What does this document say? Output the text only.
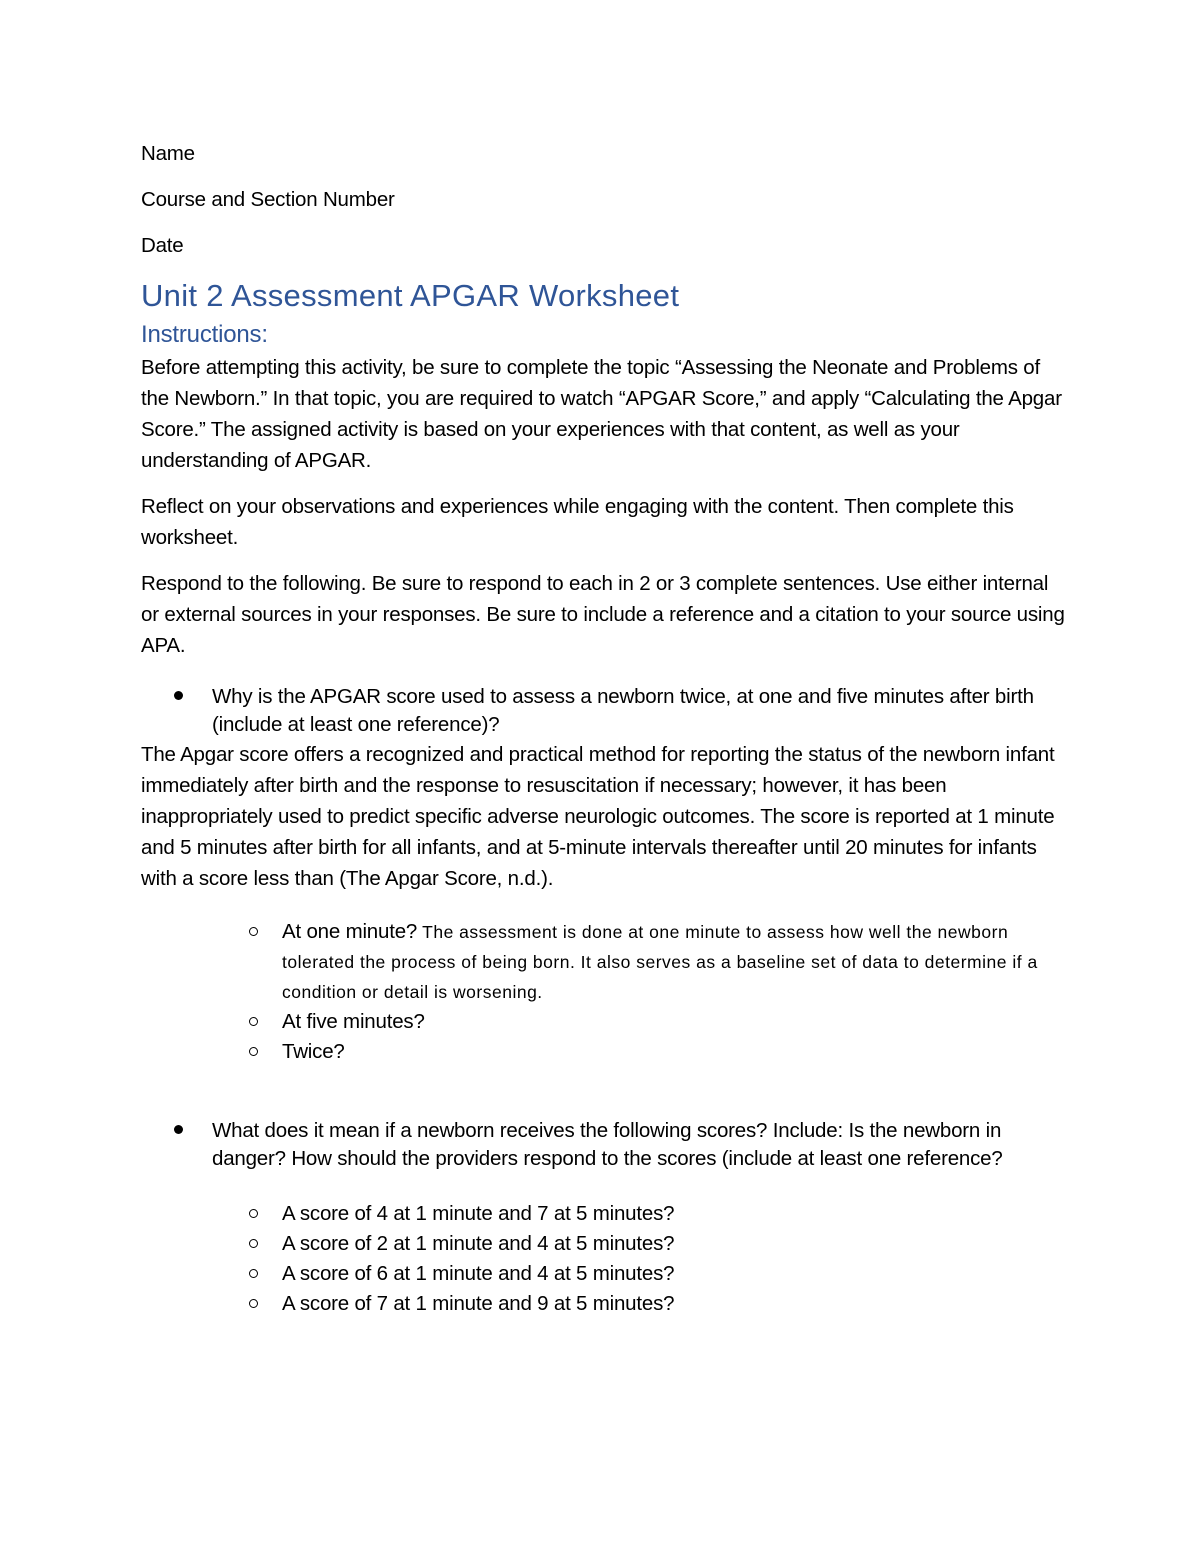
Name

Course and Section Number

Date

Unit 2 Assessment APGAR Worksheet
Instructions:

Before attempting this activity, be sure to complete the topic “Assessing the Neonate and Problems of the Newborn.” In that topic, you are required to watch “APGAR Score,” and apply “Calculating the Apgar Score.” The assigned activity is based on your experiences with that content, as well as your understanding of APGAR.

Reflect on your observations and experiences while engaging with the content. Then complete this worksheet.

Respond to the following. Be sure to respond to each in 2 or 3 complete sentences. Use either internal or external sources in your responses. Be sure to include a reference and a citation to your source using APA.

Why is the APGAR score used to assess a newborn twice, at one and five minutes after birth (include at least one reference)?

The Apgar score offers a recognized and practical method for reporting the status of the newborn infant immediately after birth and the response to resuscitation if necessary; however, it has been inappropriately used to predict specific adverse neurologic outcomes. The score is reported at 1 minute and 5 minutes after birth for all infants, and at 5-minute intervals thereafter until 20 minutes for infants with a score less than (The Apgar Score, n.d.).

At one minute? The assessment is done at one minute to assess how well the newborn tolerated the process of being born. It also serves as a baseline set of data to determine if a condition or detail is worsening.
At five minutes?
Twice?
What does it mean if a newborn receives the following scores? Include: Is the newborn in danger? How should the providers respond to the scores (include at least one reference?
A score of 4 at 1 minute and 7 at 5 minutes?
A score of 2 at 1 minute and 4 at 5 minutes?
A score of 6 at 1 minute and 4 at 5 minutes?
A score of 7 at 1 minute and 9 at 5 minutes?
